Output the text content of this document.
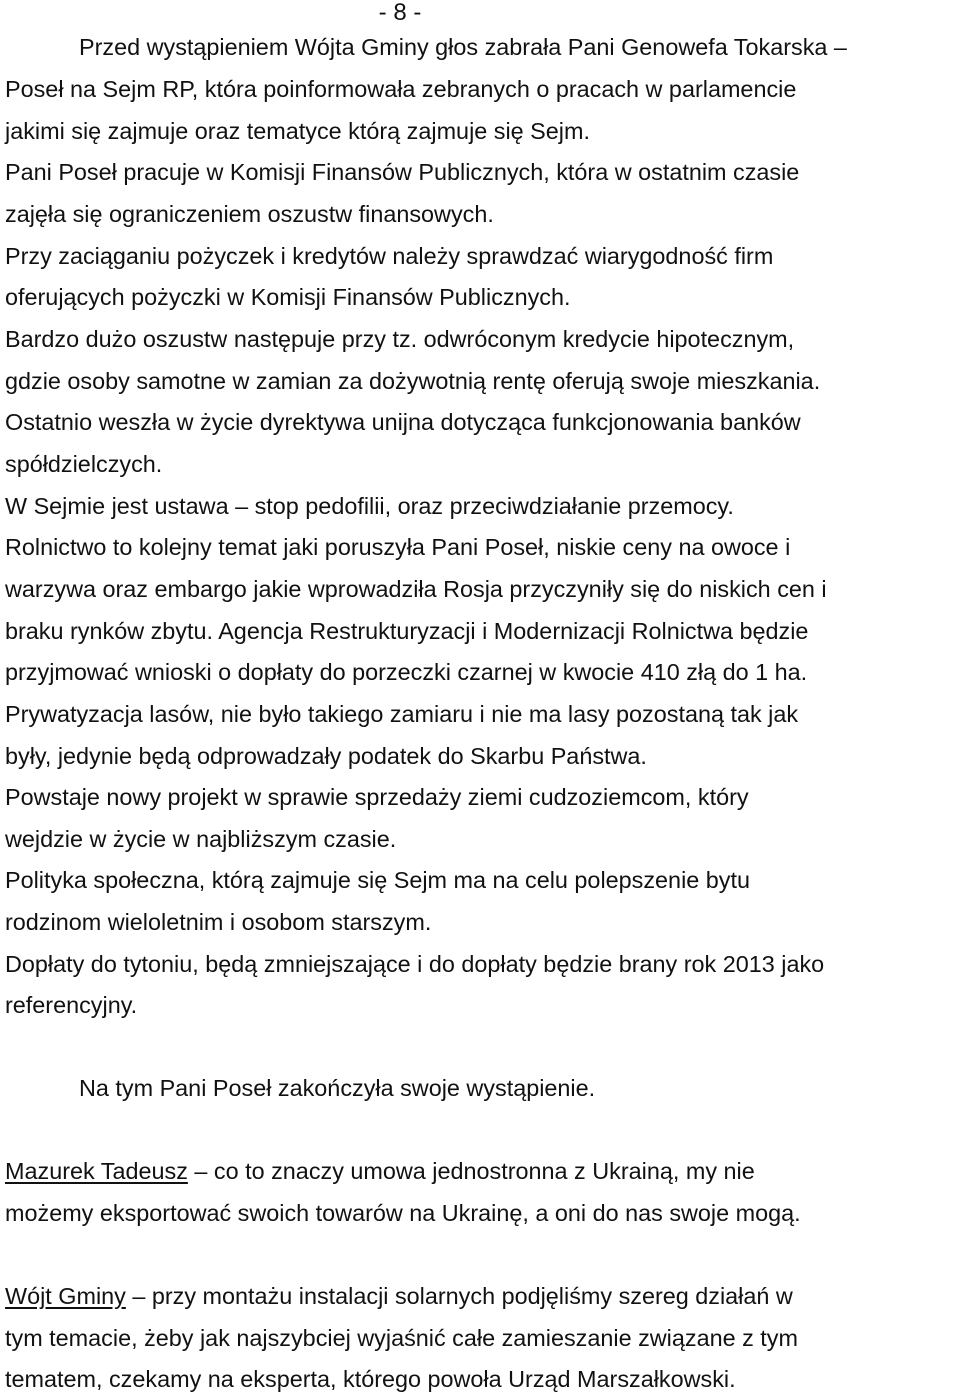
- 8 -
Przed wystąpieniem Wójta Gminy głos zabrała Pani Genowefa Tokarska –
Poseł na Sejm RP, która poinformowała zebranych o pracach w parlamencie
jakimi się zajmuje oraz tematyce którą zajmuje się Sejm.
Pani Poseł pracuje w Komisji Finansów Publicznych, która w ostatnim czasie
zajęła się ograniczeniem oszustw finansowych.
Przy zaciąganiu pożyczek i kredytów należy sprawdzać wiarygodność firm
oferujących pożyczki w Komisji Finansów Publicznych.
Bardzo dużo oszustw następuje przy tz. odwróconym kredycie hipotecznym,
gdzie osoby samotne w zamian za dożywotnią rentę oferują swoje mieszkania.
Ostatnio weszła w życie dyrektywa unijna dotycząca funkcjonowania banków
spółdzielczych.
W Sejmie jest ustawa – stop pedofilii, oraz przeciwdziałanie przemocy.
Rolnictwo to kolejny temat jaki poruszyła Pani Poseł, niskie ceny na owoce i
warzywa oraz embargo jakie wprowadziła Rosja przyczyniły się do niskich cen i
braku rynków zbytu. Agencja Restrukturyzacji i Modernizacji Rolnictwa będzie
przyjmować wnioski o dopłaty do porzeczki czarnej w kwocie 410 złą do 1 ha.
Prywatyzacja lasów, nie było takiego zamiaru i nie ma lasy pozostaną tak jak
były, jedynie będą odprowadzały podatek do Skarbu Państwa.
Powstaje nowy projekt w sprawie sprzedaży ziemi cudzoziemcom, który
wejdzie w życie w najbliższym czasie.
Polityka społeczna, którą zajmuje się Sejm ma na celu polepszenie bytu
rodzinom wieloletnim i osobom starszym.
Dopłaty do tytoniu, będą zmniejszające i do dopłaty będzie brany rok 2013 jako
referencyjny.
Na tym Pani Poseł zakończyła swoje wystąpienie.
Mazurek Tadeusz – co to znaczy umowa jednostronna z Ukrainą, my nie
możemy eksportować swoich towarów na Ukrainę, a oni do nas swoje mogą.
Wójt Gminy – przy montażu instalacji solarnych podjęliśmy szereg działań w
tym temacie, żeby jak najszybciej wyjaśnić całe zamieszanie związane z tym
tematem, czekamy na eksperta, którego powoła Urząd Marszałkowski.
